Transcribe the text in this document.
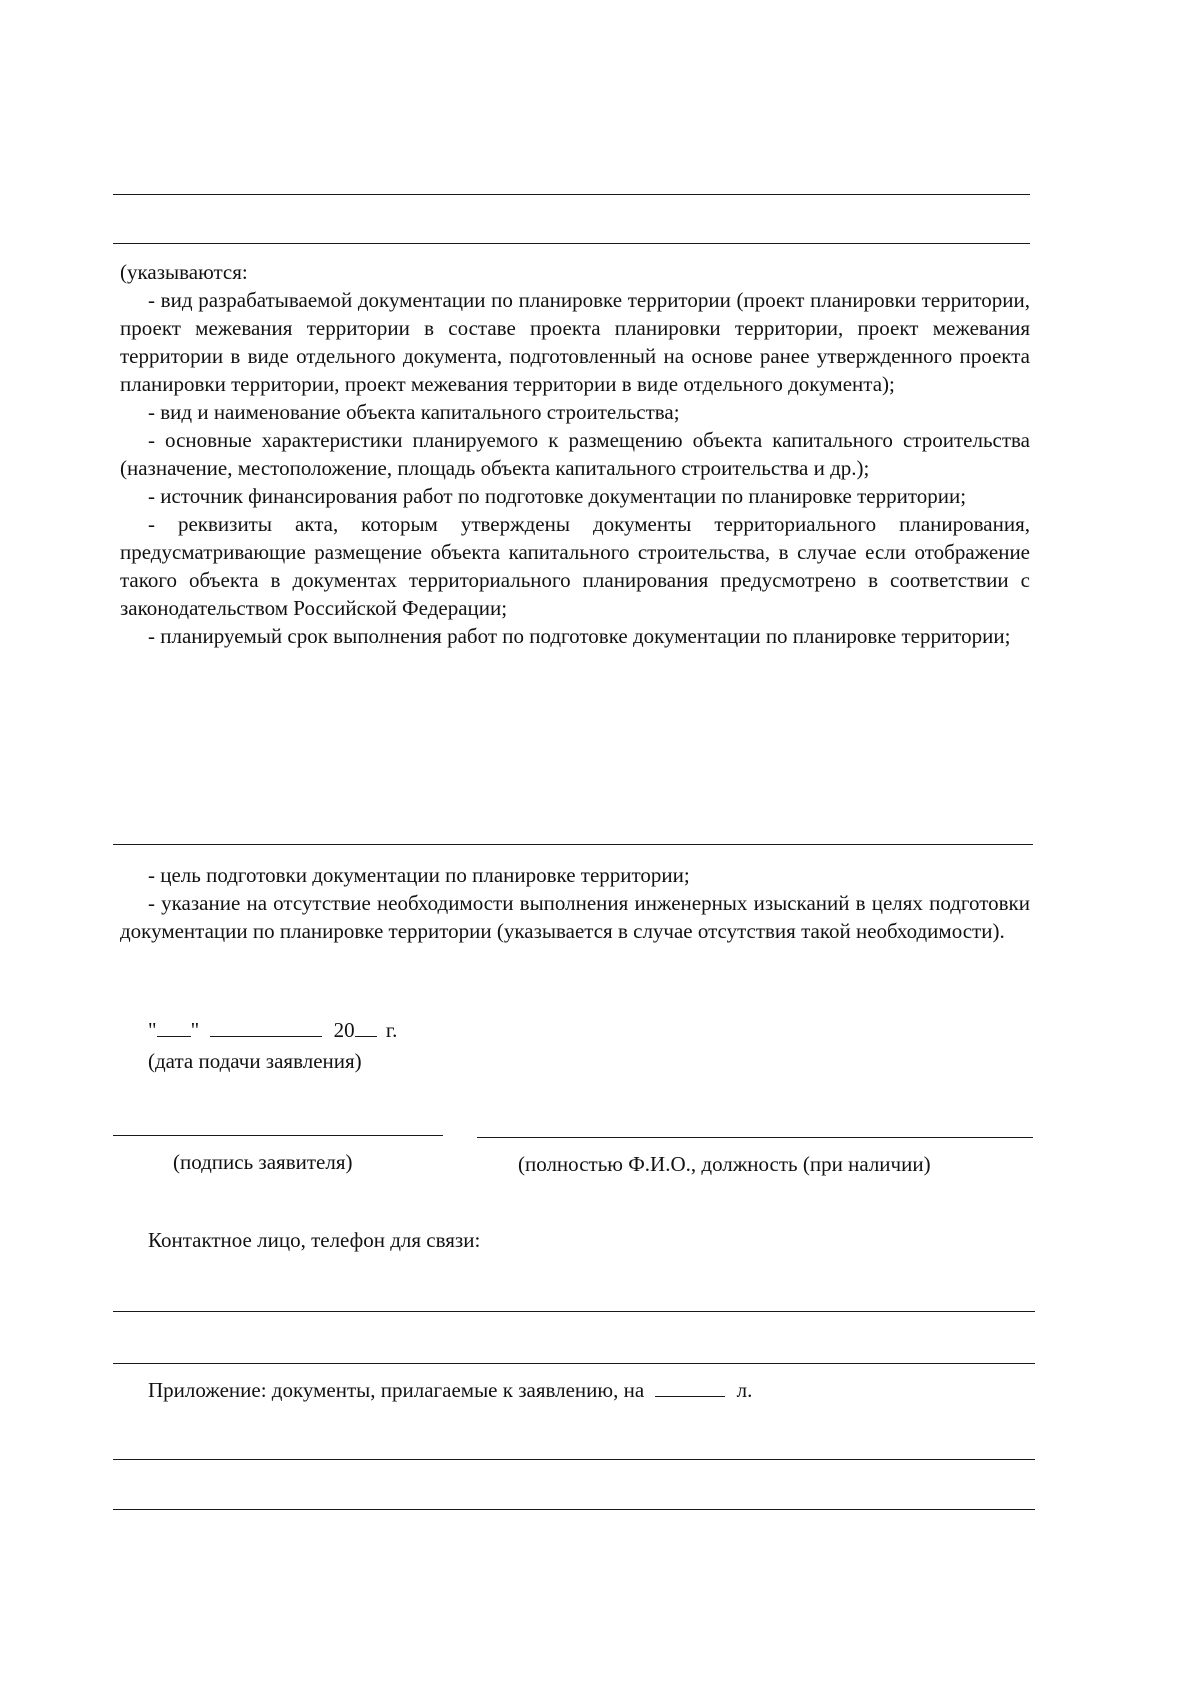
(указываются:

- вид разрабатываемой документации по планировке территории (проект планировки территории, проект межевания территории в составе проекта планировки территории, проект межевания территории в виде отдельного документа, подготовленный на основе ранее утвержденного проекта планировки территории, проект межевания территории в виде отдельного документа);

- вид и наименование объекта капитального строительства;

- основные характеристики планируемого к размещению объекта капитального строительства (назначение, местоположение, площадь объекта капитального строительства и др.);

- источник финансирования работ по подготовке документации по планировке территории;

- реквизиты акта, которым утверждены документы территориального планирования, предусматривающие размещение объекта капитального строительства, в случае если отображение такого объекта в документах территориального планирования предусмотрено в соответствии с законодательством Российской Федерации;

- планируемый срок выполнения работ по подготовке документации по планировке территории;

- цель подготовки документации по планировке территории;

- указание на отсутствие необходимости выполнения инженерных изысканий в целях подготовки документации по планировке территории (указывается в случае отсутствия такой необходимости).

" "	20 г.
(дата подачи заявления)
(подпись заявителя)	(полностью Ф.И.О., должность (при наличии)
Контактное лицо, телефон для связи:
Приложение: документы, прилагаемые к заявлению, на	л.
